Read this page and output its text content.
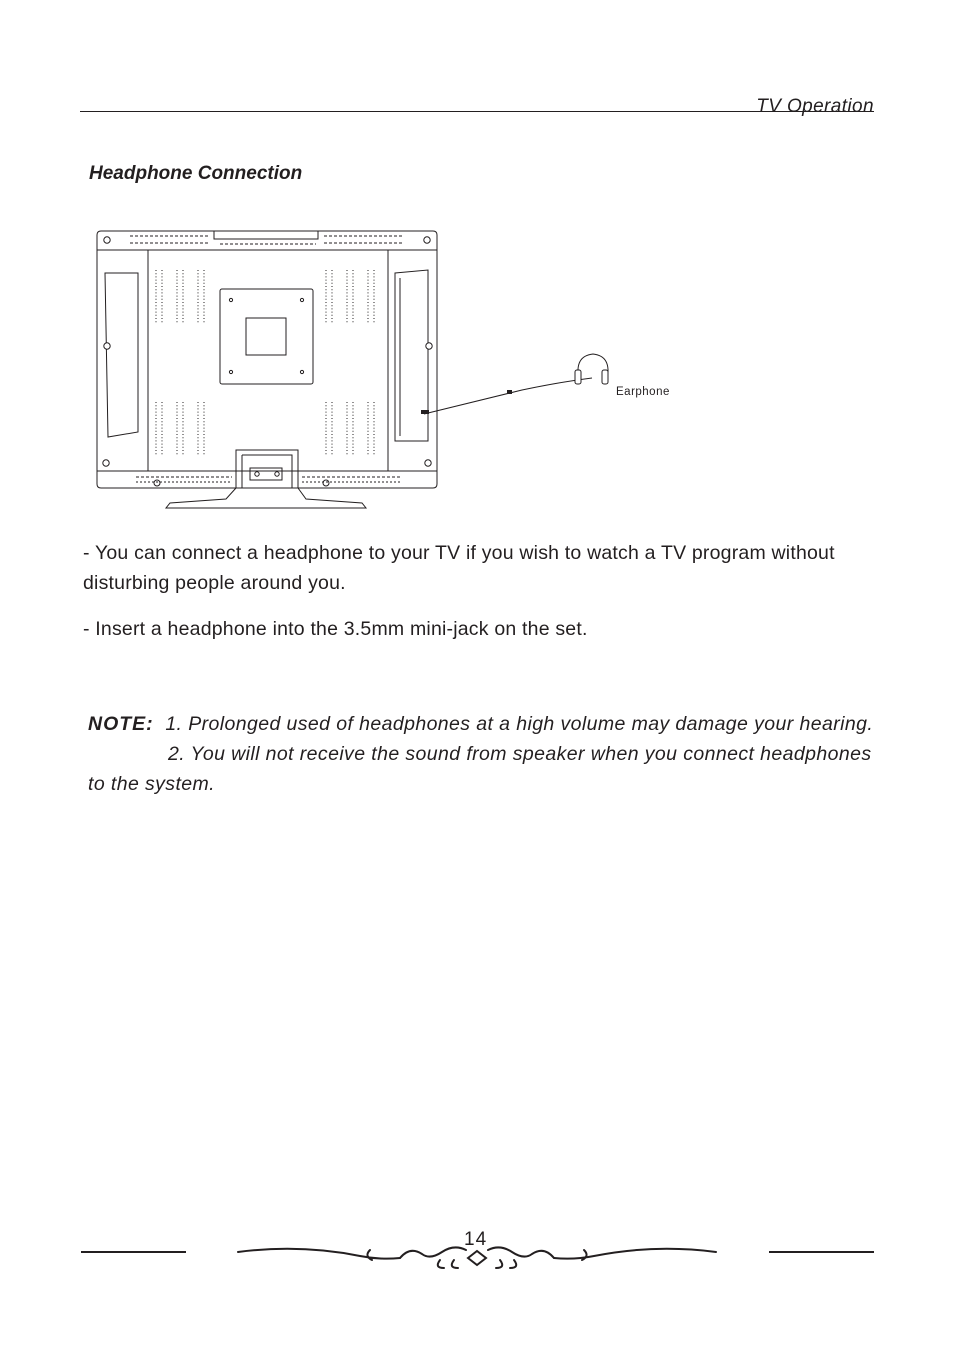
TV Operation
Headphone Connection
Earphone
- You can connect a headphone to your TV if you wish to watch a TV program without disturbing people around you.
- Insert a headphone into the 3.5mm mini-jack on the set.
NOTE: 1. Prolonged used of headphones at a high volume may damage your hearing.
2. You will not receive the sound from speaker when you connect headphones to the system.
14
